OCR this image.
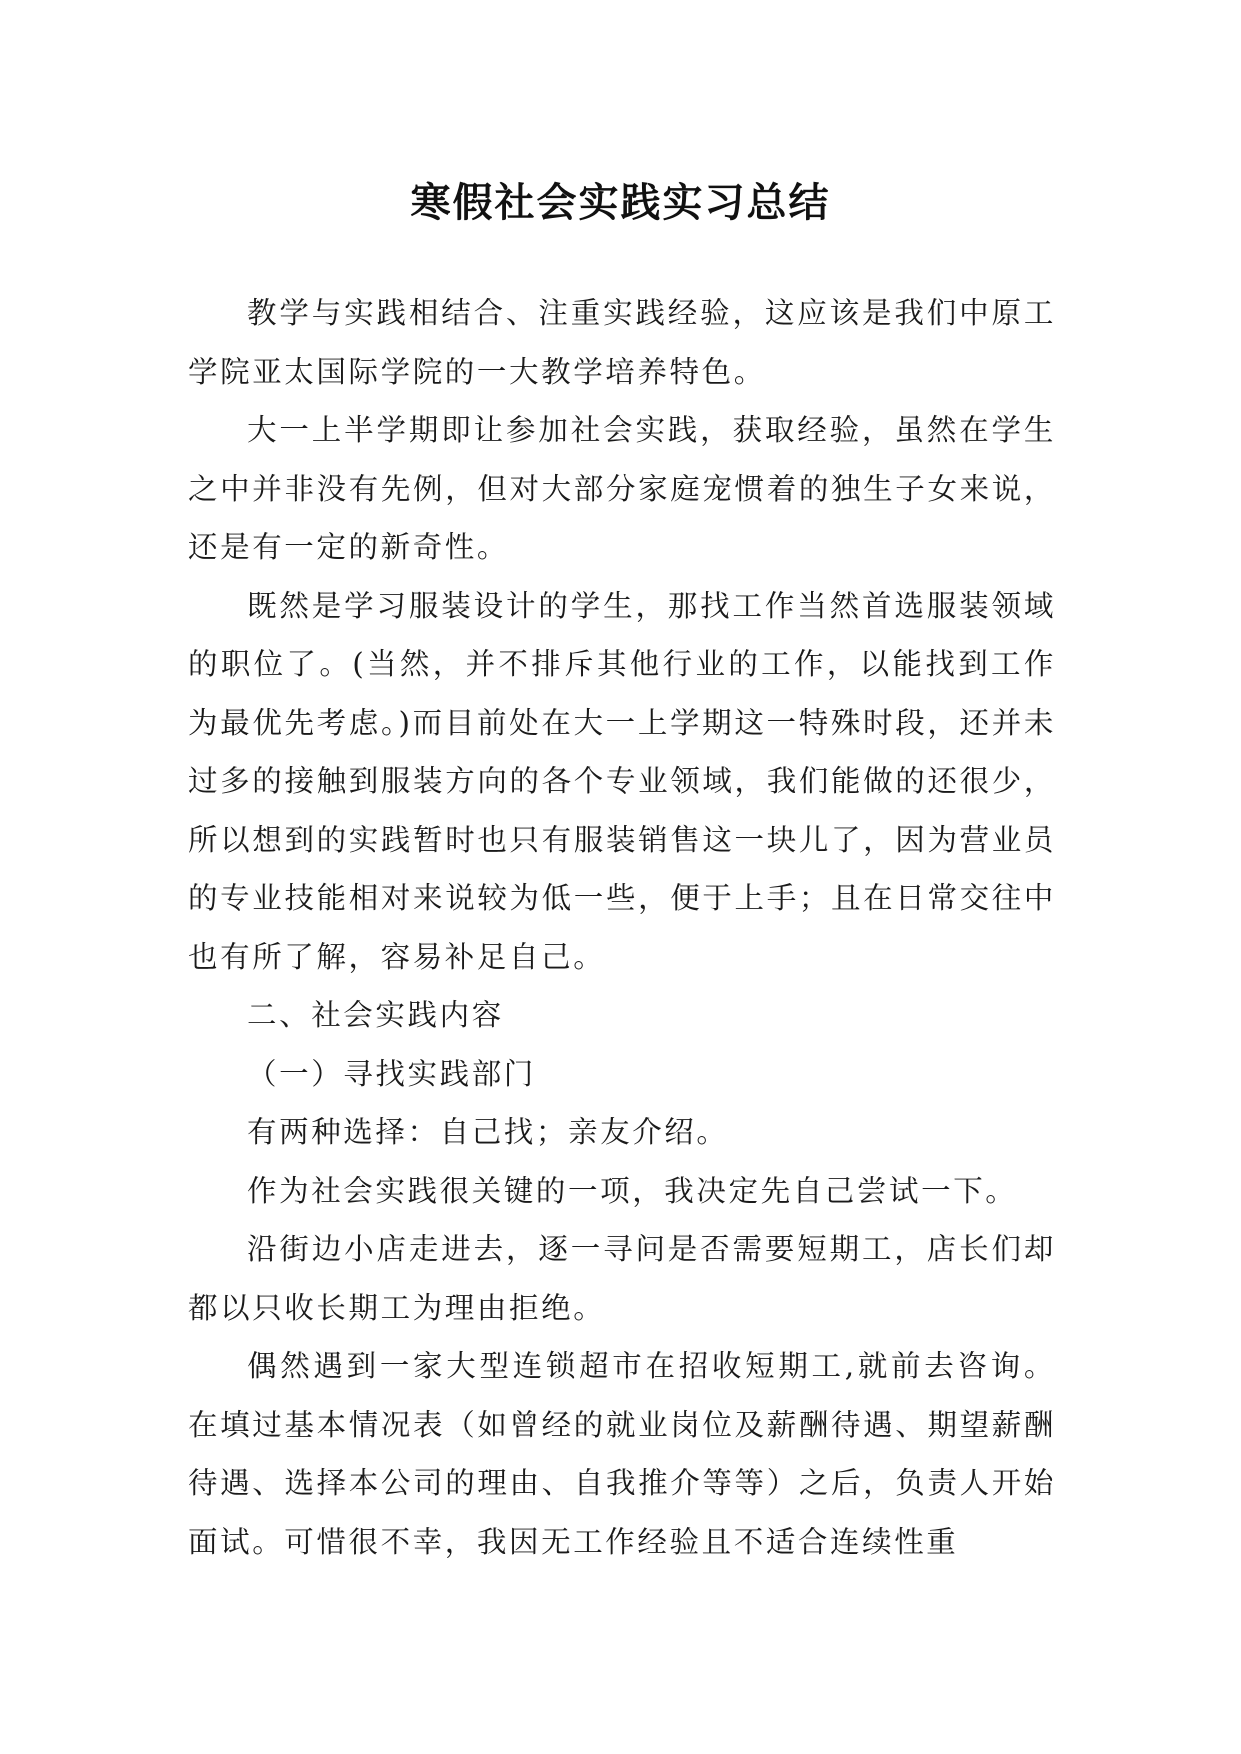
寒假社会实践实习总结

教学与实践相结合、注重实践经验，这应该是我们中原工学院亚太国际学院的一大教学培养特色。

大一上半学期即让参加社会实践，获取经验，虽然在学生之中并非没有先例，但对大部分家庭宠惯着的独生子女来说，还是有一定的新奇性。

既然是学习服装设计的学生，那找工作当然首选服装领域的职位了。(当然，并不排斥其他行业的工作，以能找到工作为最优先考虑。)而目前处在大一上学期这一特殊时段，还并未过多的接触到服装方向的各个专业领域，我们能做的还很少，所以想到的实践暂时也只有服装销售这一块儿了，因为营业员的专业技能相对来说较为低一些，便于上手；且在日常交往中也有所了解，容易补足自己。

二、社会实践内容

（一）寻找实践部门

有两种选择：自己找；亲友介绍。

作为社会实践很关键的一项，我决定先自己尝试一下。

沿街边小店走进去，逐一寻问是否需要短期工，店长们却都以只收长期工为理由拒绝。

偶然遇到一家大型连锁超市在招收短期工,就前去咨询。在填过基本情况表（如曾经的就业岗位及薪酬待遇、期望薪酬待遇、选择本公司的理由、自我推介等等）之后，负责人开始面试。可惜很不幸，我因无工作经验且不适合连续性重
